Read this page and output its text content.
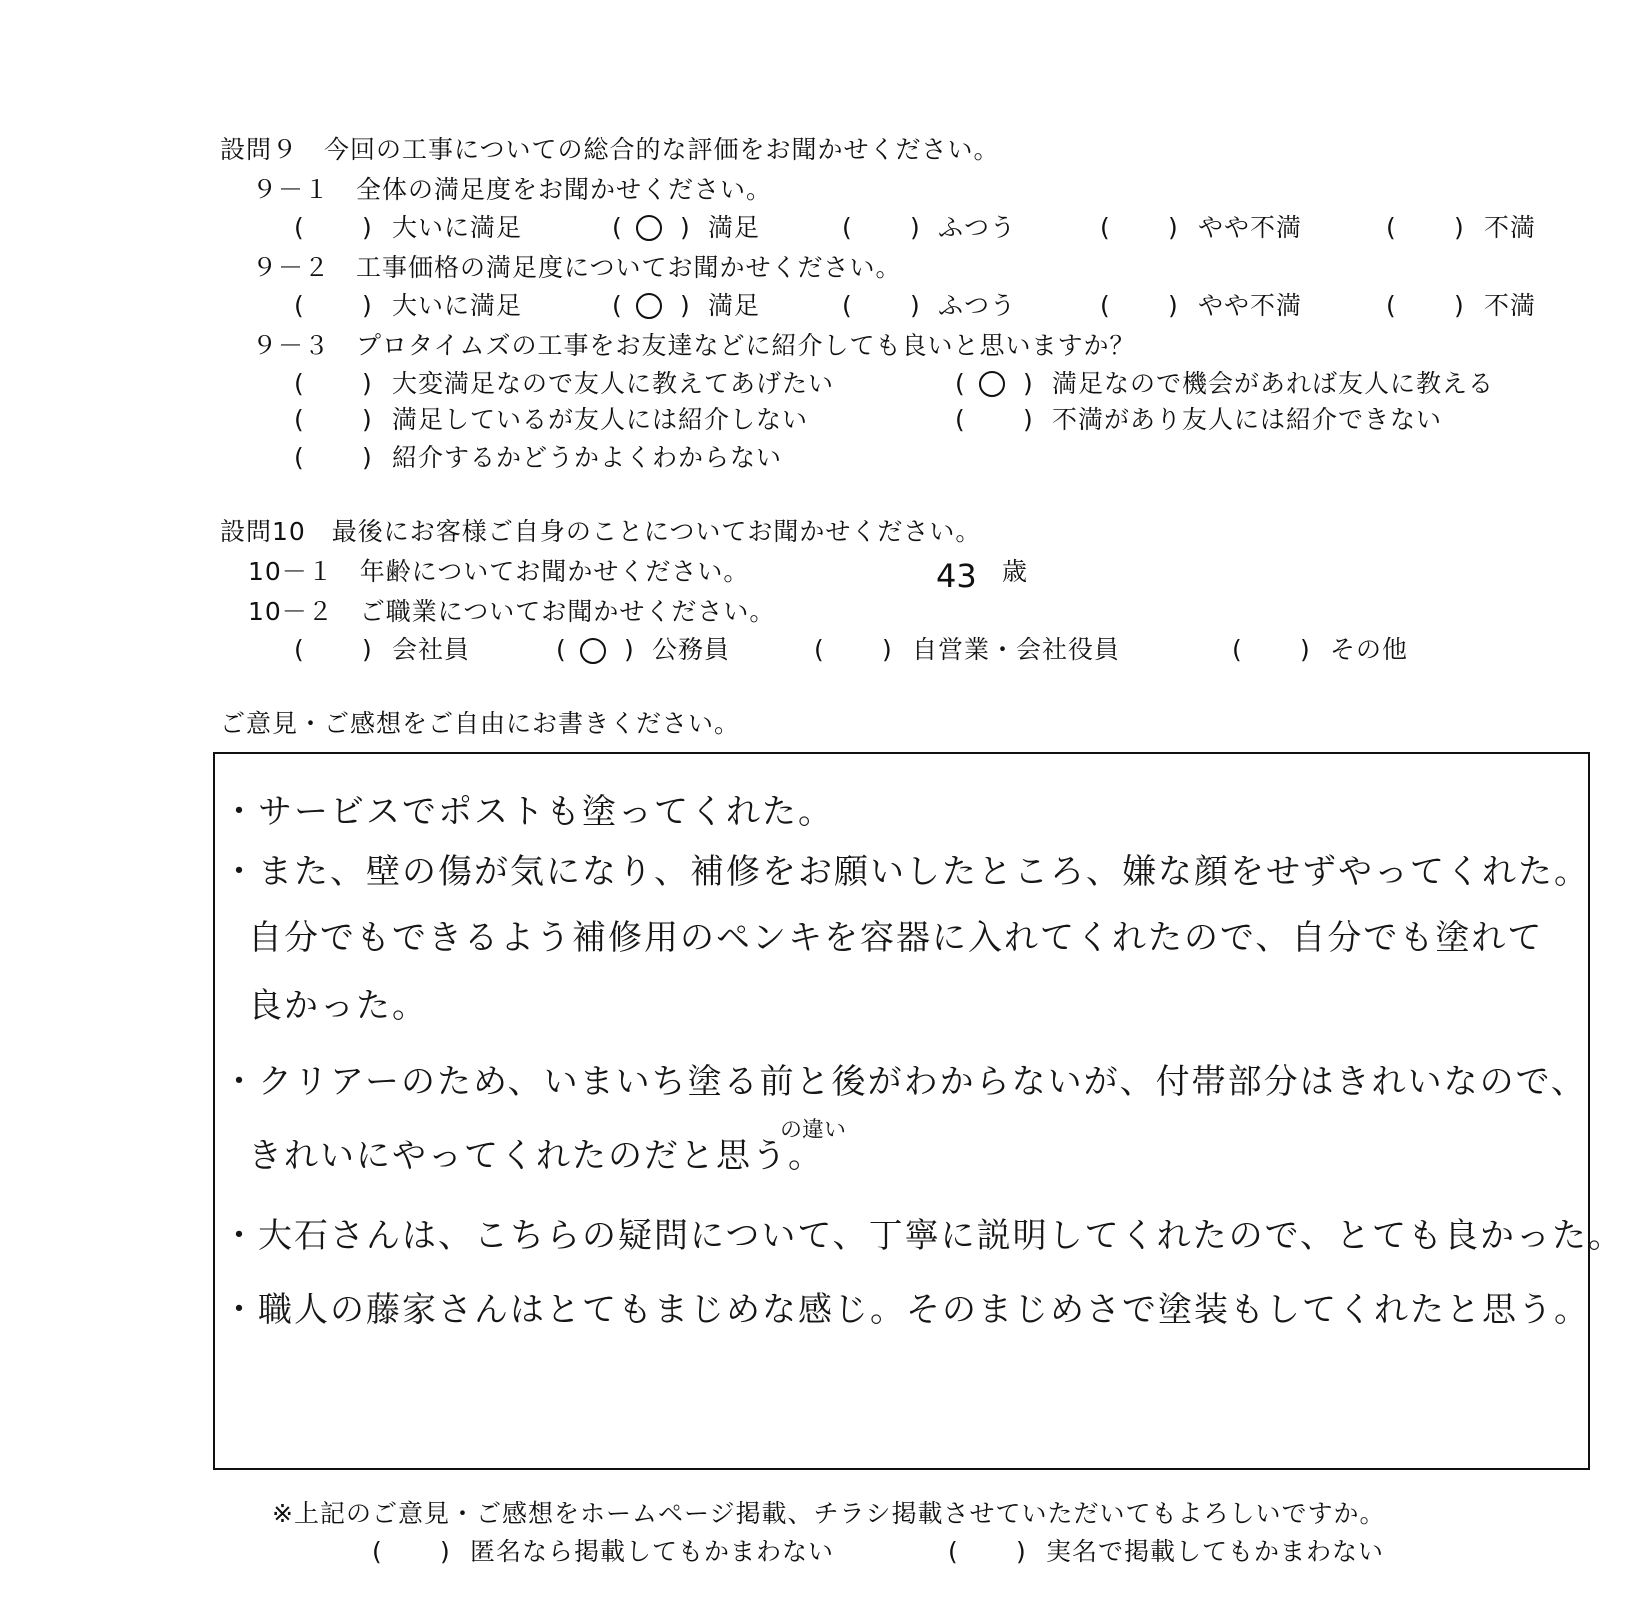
設問９　今回の工事についての総合的な評価をお聞かせください。
９－１　全体の満足度をお聞かせください。
( ) 大いに満足	( ○ ) 満足	( ) ふつう	( ) やや不満	( ) 不満
９－２　工事価格の満足度についてお聞かせください。
( ) 大いに満足	( ○ ) 満足	( ) ふつう	( ) やや不満	( ) 不満
９－３　プロタイムズの工事をお友達などに紹介しても良いと思いますか？
( ) 大変満足なので友人に教えてあげたい	( ○ ) 満足なので機会があれば友人に教える
( ) 満足しているが友人には紹介しない	( ) 不満があり友人には紹介できない
( ) 紹介するかどうかよくわからない
設問10　最後にお客様ご自身のことについてお聞かせください。
10－１　年齢についてお聞かせください。	43 歳
10－２　ご職業についてお聞かせください。
( ) 会社員	( ○ ) 公務員	( ) 自営業・会社役員	( ) その他
ご意見・ご感想をご自由にお書きください。
・サービスでポストも塗ってくれた。
・また、壁の傷が気になり、補修をお願いしたところ、嫌な顔をせずやってくれた。
自分でもできるよう補修用のペンキを容器に入れてくれたので、自分でも塗れて
良かった。
・クリアーのため、いまいち塗る前と後がわからないが、付帯部分はきれいなので、
の違い
きれいにやってくれたのだと思う。
・大石さんは、こちらの疑問について、丁寧に説明してくれたので、とても良かった。
・職人の藤家さんはとてもまじめな感じ。そのまじめさで塗装もしてくれたと思う。
※上記のご意見・ご感想をホームページ掲載、チラシ掲載させていただいてもよろしいですか。
( ) 匿名なら掲載してもかまわない	( ) 実名で掲載してもかまわない
